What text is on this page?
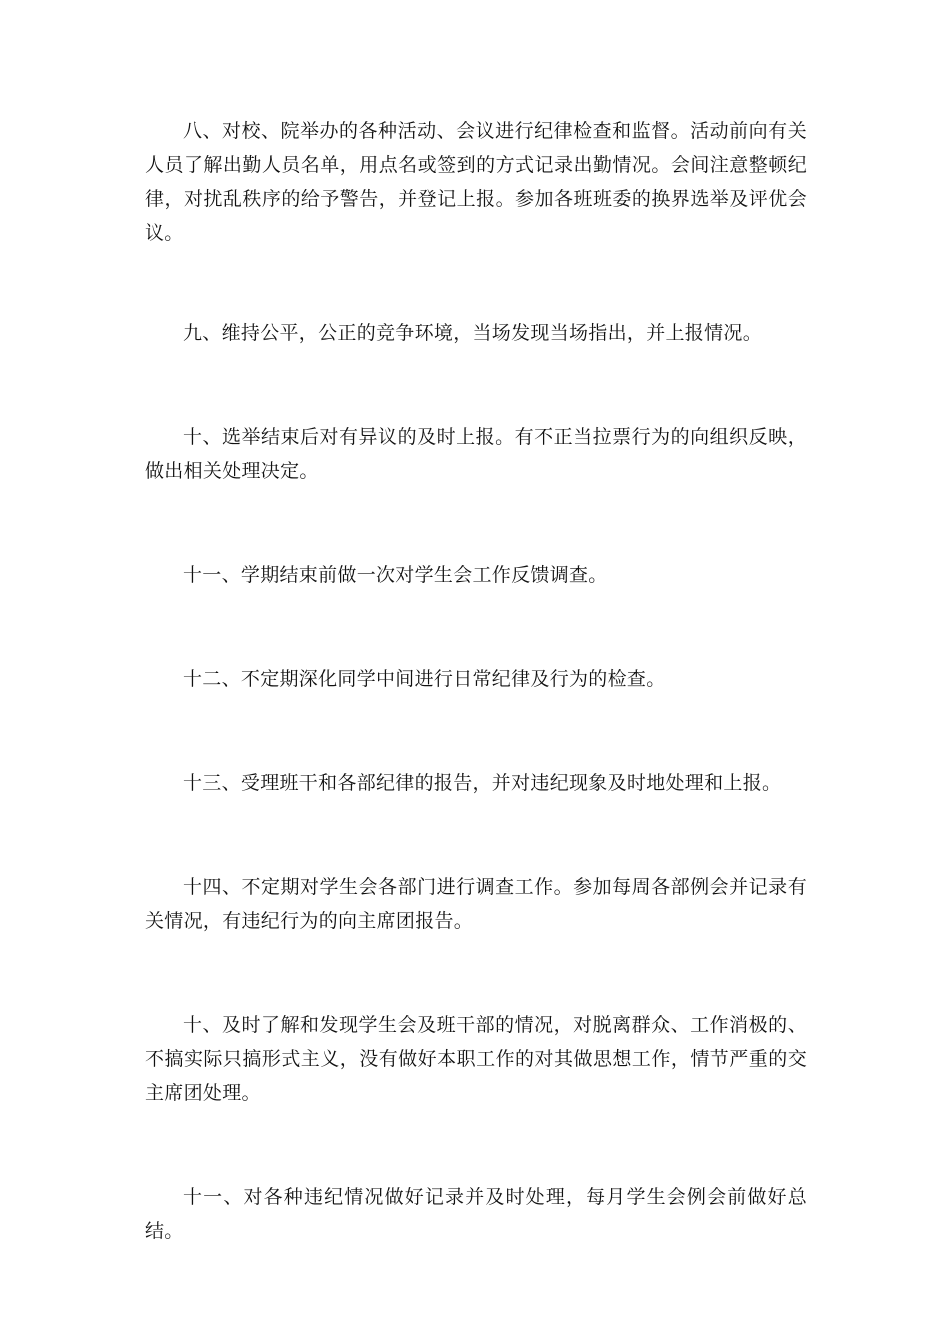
八、对校、院举办的各种活动、会议进行纪律检查和监督。活动前向有关人员了解出勤人员名单，用点名或签到的方式记录出勤情况。会间注意整顿纪律，对扰乱秩序的给予警告，并登记上报。参加各班班委的换界选举及评优会议。

九、维持公平，公正的竞争环境，当场发现当场指出，并上报情况。

十、选举结束后对有异议的及时上报。有不正当拉票行为的向组织反映，做出相关处理决定。

十一、学期结束前做一次对学生会工作反馈调查。

十二、不定期深化同学中间进行日常纪律及行为的检查。

十三、受理班干和各部纪律的报告，并对违纪现象及时地处理和上报。

十四、不定期对学生会各部门进行调查工作。参加每周各部例会并记录有关情况，有违纪行为的向主席团报告。

十、及时了解和发现学生会及班干部的情况，对脱离群众、工作消极的、不搞实际只搞形式主义，没有做好本职工作的对其做思想工作，情节严重的交主席团处理。

十一、对各种违纪情况做好记录并及时处理，每月学生会例会前做好总结。
